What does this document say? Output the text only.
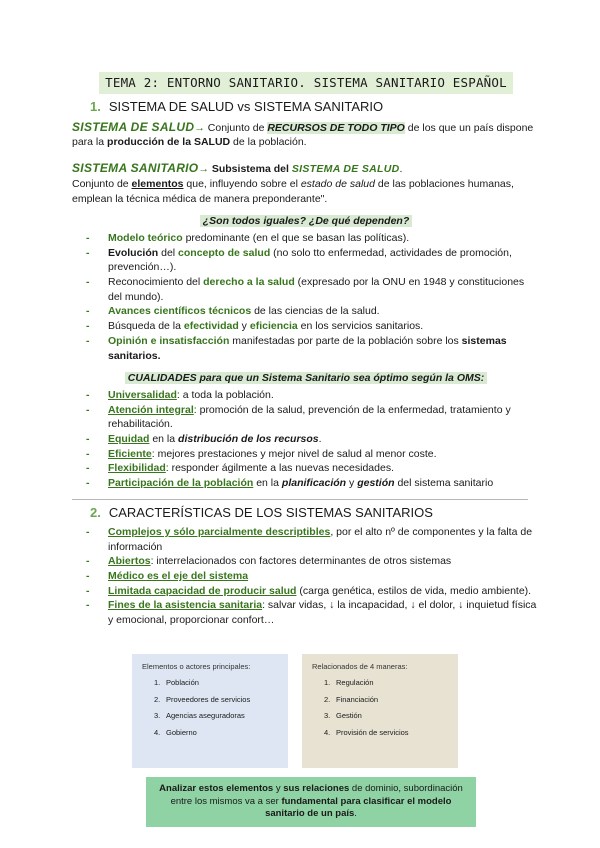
TEMA 2: ENTORNO SANITARIO. SISTEMA SANITARIO ESPAÑOL
1. SISTEMA DE SALUD vs SISTEMA SANITARIO

SISTEMA DE SALUD→ Conjunto de RECURSOS DE TODO TIPO de los que un país dispone para la producción de la SALUD de la población.

SISTEMA SANITARIO→ Subsistema del SISTEMA DE SALUD.
Conjunto de elementos que, influyendo sobre el estado de salud de las poblaciones humanas, emplean la técnica médica de manera preponderante".

¿Son todos iguales? ¿De qué dependen?
- Modelo teórico predominante (en el que se basan las políticas).
- Evolución del concepto de salud (no solo tto enfermedad, actividades de promoción, prevención…).
- Reconocimiento del derecho a la salud (expresado por la ONU en 1948 y constituciones del mundo).
- Avances científicos técnicos de las ciencias de la salud.
- Búsqueda de la efectividad y eficiencia en los servicios sanitarios.
- Opinión e insatisfacción manifestadas por parte de la población sobre los sistemas sanitarios.
CUALIDADES para que un Sistema Sanitario sea óptimo según la OMS:
- Universalidad: a toda la población.
- Atención integral: promoción de la salud, prevención de la enfermedad, tratamiento y rehabilitación.
- Equidad en la distribución de los recursos.
- Eficiente: mejores prestaciones y mejor nivel de salud al menor coste.
- Flexibilidad: responder ágilmente a las nuevas necesidades.
- Participación de la población en la planificación y gestión del sistema sanitario
2. CARACTERÍSTICAS DE LOS SISTEMAS SANITARIOS
- Complejos y sólo parcialmente descriptibles, por el alto nº de componentes y la falta de información
- Abiertos: interrelacionados con factores determinantes de otros sistemas
- Médico es el eje del sistema
- Limitada capacidad de producir salud (carga genética, estilos de vida, medio ambiente).
- Fines de la asistencia sanitaria: salvar vidas, ↓ la incapacidad, ↓ el dolor, ↓ inquietud física y emocional, proporcionar confort…
Elementos o actores principales:
1. Población
2. Proveedores de servicios
3. Agencias aseguradoras
4. Gobierno
Relacionados de 4 maneras:
1. Regulación
2. Financiación
3. Gestión
4. Provisión de servicios
Analizar estos elementos y sus relaciones de dominio, subordinación entre los mismos va a ser fundamental para clasificar el modelo sanitario de un país.
